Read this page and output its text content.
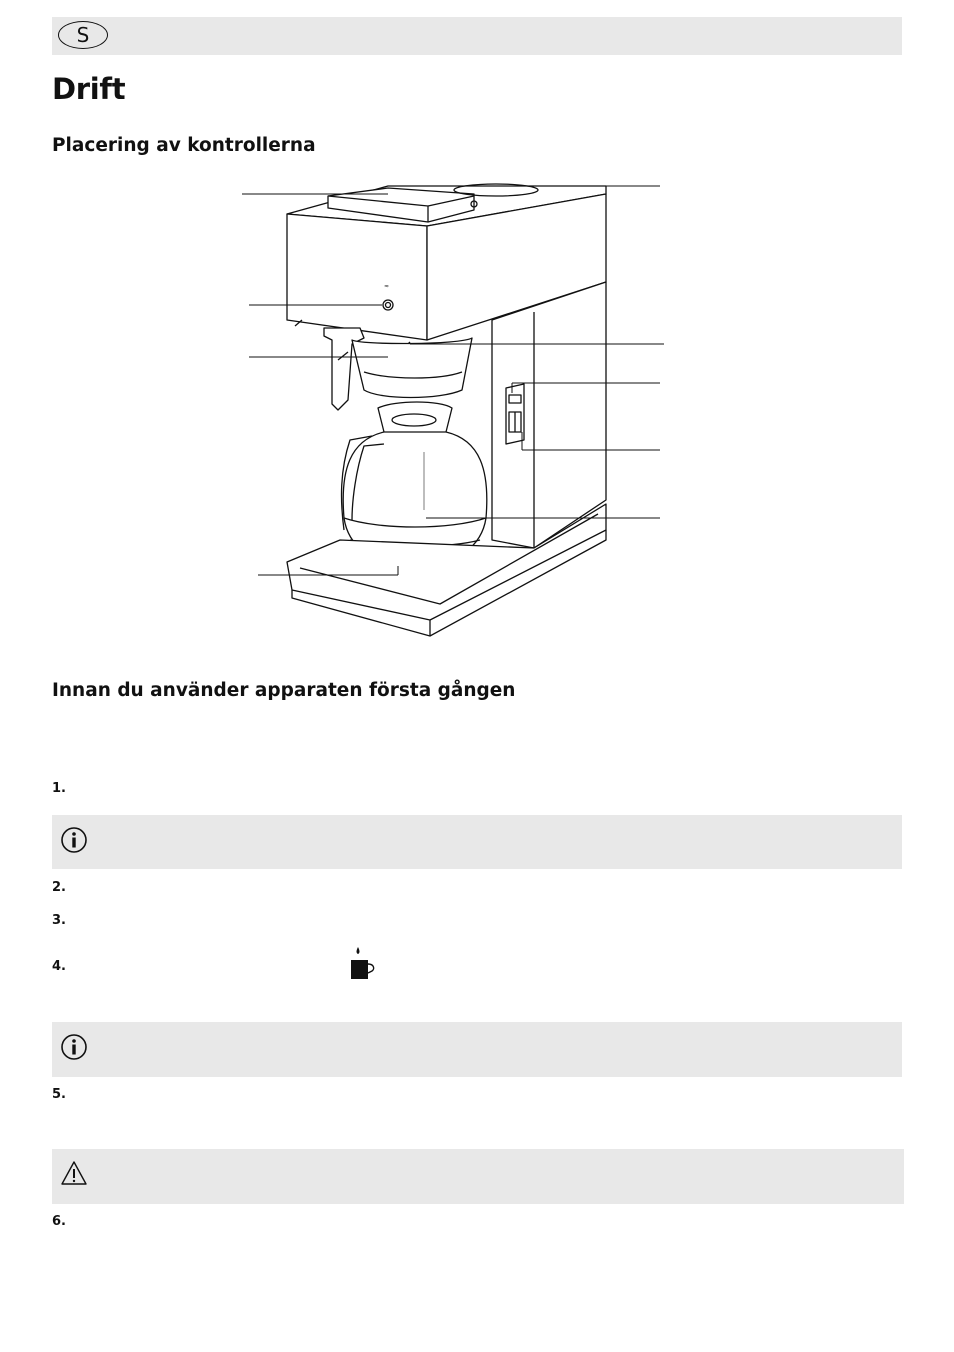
S
Drift
Placering av kontrollerna
≈
Innan du använder apparaten första gången
1.
2.
3.
4.
5.
6.
